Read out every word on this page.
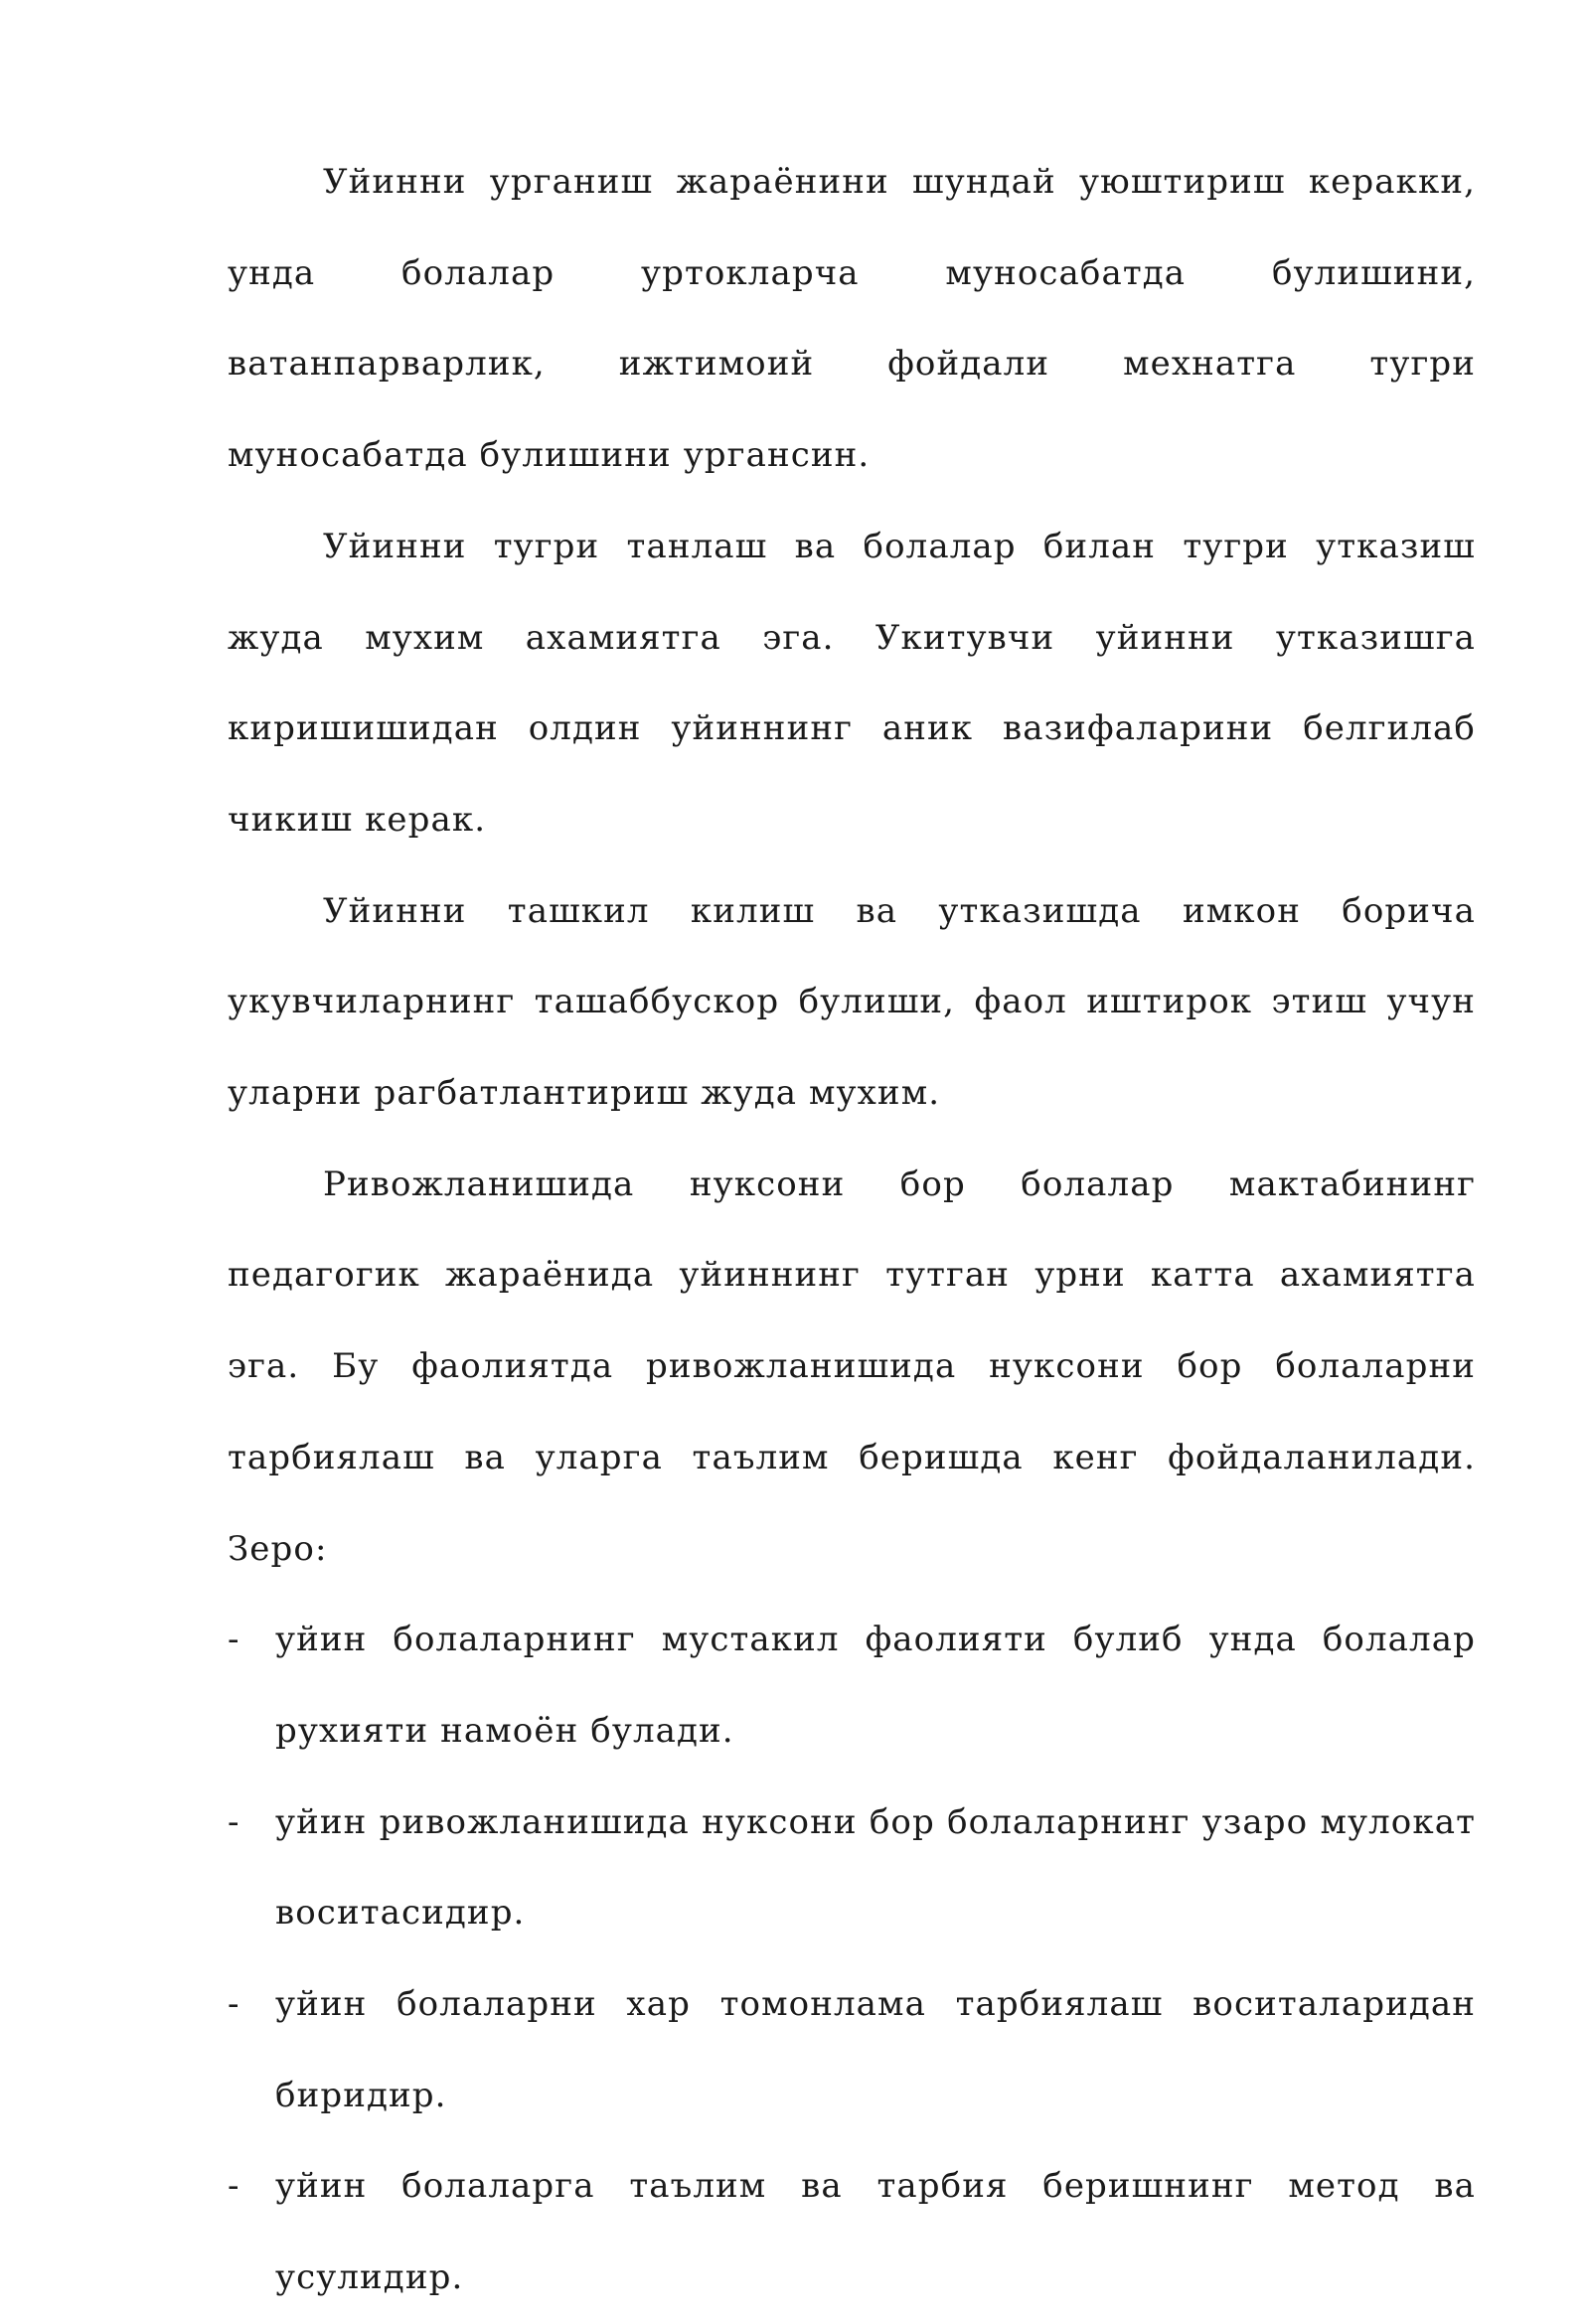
Уйинни урганиш жараёнини шундай уюштириш керакки, унда болалар уртокларча муносабатда булишини, ватанпарварлик, ижтимоий фойдали мехнатга тугри муносабатда булишини ургансин.

Уйинни тугри танлаш ва болалар билан тугри утказиш жуда мухим ахамиятга эга. Укитувчи уйинни утказишга киришишидан олдин уйиннинг аник вазифаларини белгилаб чикиш керак.

Уйинни ташкил килиш ва утказишда имкон борича укувчиларнинг ташаббускор булиши, фаол иштирок этиш учун уларни рагбатлантириш жуда мухим.

Ривожланишида нуксони бор болалар мактабининг педагогик жараёнида уйиннинг тутган урни катта ахамиятга эга. Бу фаолиятда ривожланишида нуксони бор болаларни тарбиялаш ва уларга таълим беришда кенг фойдаланилади. Зеро:

- уйин болаларнинг мустакил фаолияти булиб унда болалар рухияти намоён булади.
- уйин ривожланишида нуксони бор болаларнинг узаро мулокат воситасидир.
- уйин болаларни хар томонлама тарбиялаш воситаларидан биридир.
- уйин болаларга таълим ва тарбия беришнинг метод ва усулидир.
